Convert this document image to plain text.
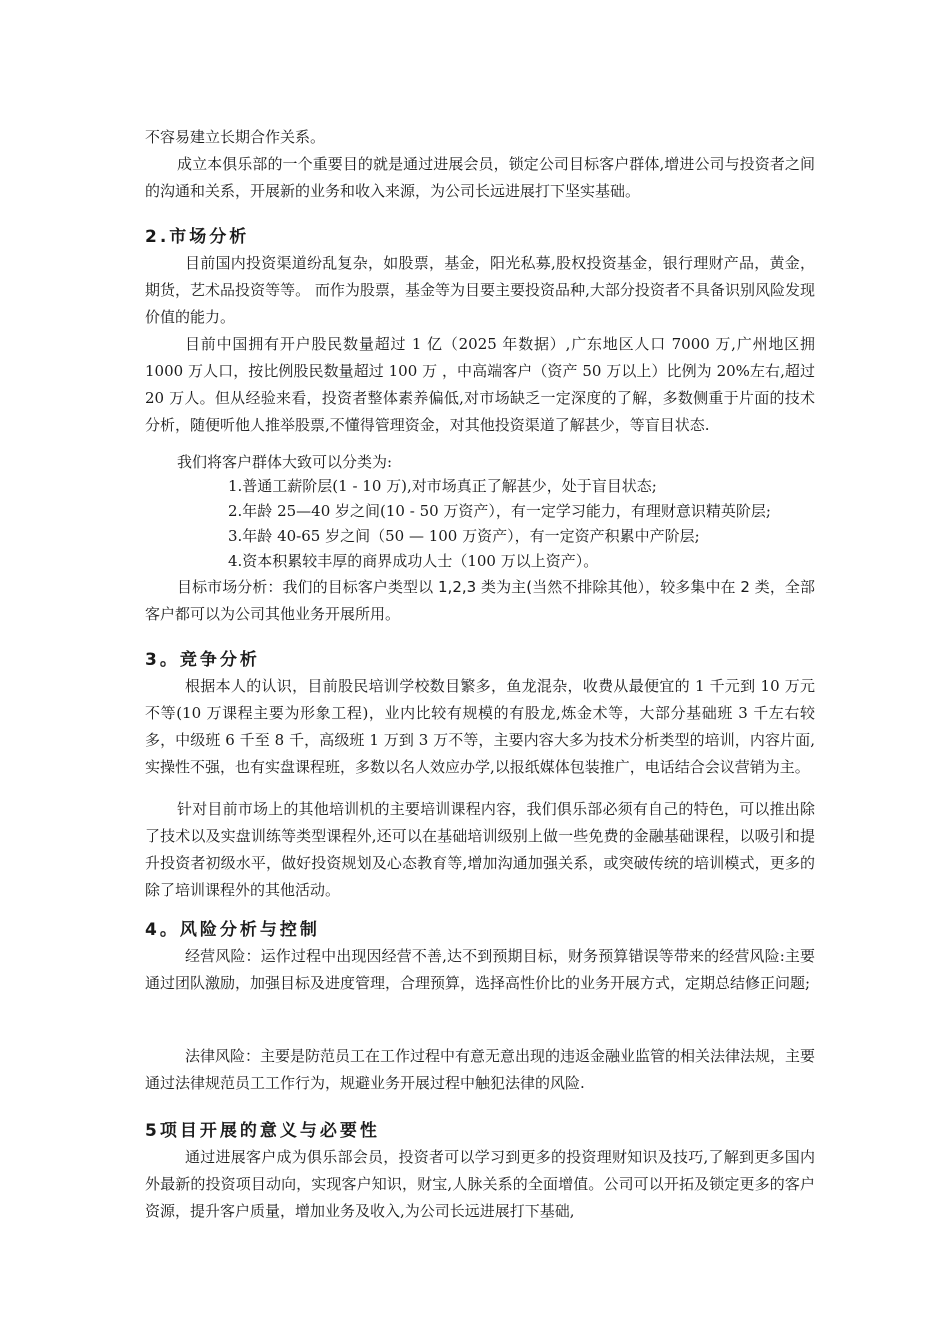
不容易建立长期合作关系。

成立本俱乐部的一个重要目的就是通过进展会员，锁定公司目标客户群体,增进公司与投资者之间的沟通和关系，开展新的业务和收入来源，为公司长远进展打下坚实基础。

2.市场分析

目前国内投资渠道纷乱复杂，如股票，基金，阳光私募,股权投资基金，银行理财产品，黄金，期货，艺术品投资等等。 而作为股票，基金等为目要主要投资品种,大部分投资者不具备识别风险发现价值的能力。

目前中国拥有开户股民数量超过 1 亿（2025 年数据）,广东地区人口 7000 万,广州地区拥 1000 万人口，按比例股民数量超过 100 万 ，中高端客户（资产 50 万以上）比例为 20%左右,超过 20 万人。但从经验来看，投资者整体素养偏低,对市场缺乏一定深度的了解，多数侧重于片面的技术分析，随便听他人推举股票,不懂得管理资金，对其他投资渠道了解甚少，等盲目状态.

我们将客户群体大致可以分类为:

1.普通工薪阶层(1 - 10 万),对市场真正了解甚少，处于盲目状态;

2.年龄 25—40 岁之间(10 - 50 万资产），有一定学习能力，有理财意识精英阶层;

3.年龄 40-65 岁之间（50 — 100 万资产），有一定资产积累中产阶层;

4.资本积累较丰厚的商界成功人士（100 万以上资产）。

目标市场分析：我们的目标客户类型以 1,2,3 类为主(当然不排除其他），较多集中在 2 类，全部客户都可以为公司其他业务开展所用。

3。竞争分析

根据本人的认识，目前股民培训学校数目繁多，鱼龙混杂，收费从最便宜的 1 千元到 10 万元不等(10 万课程主要为形象工程)，业内比较有规模的有股龙,炼金术等，大部分基础班 3 千左右较多，中级班 6 千至 8 千，高级班 1 万到 3 万不等，主要内容大多为技术分析类型的培训，内容片面,实操性不强，也有实盘课程班，多数以名人效应办学,以报纸媒体包装推广，电话结合会议营销为主。

针对目前市场上的其他培训机的主要培训课程内容，我们俱乐部必须有自己的特色，可以推出除了技术以及实盘训练等类型课程外,还可以在基础培训级别上做一些免费的金融基础课程，以吸引和提升投资者初级水平，做好投资规划及心态教育等,增加沟通加强关系，或突破传统的培训模式，更多的除了培训课程外的其他活动。

4。风险分析与控制

经营风险：运作过程中出现因经营不善,达不到预期目标，财务预算错误等带来的经营风险:主要通过团队激励，加强目标及进度管理，合理预算，选择高性价比的业务开展方式，定期总结修正问题;

法律风险：主要是防范员工在工作过程中有意无意出现的违返金融业监管的相关法律法规，主要通过法律规范员工工作行为，规避业务开展过程中触犯法律的风险.

5项目开展的意义与必要性

通过进展客户成为俱乐部会员，投资者可以学习到更多的投资理财知识及技巧,了解到更多国内外最新的投资项目动向，实现客户知识，财宝,人脉关系的全面增值。公司可以开拓及锁定更多的客户资源，提升客户质量，增加业务及收入,为公司长远进展打下基础,
